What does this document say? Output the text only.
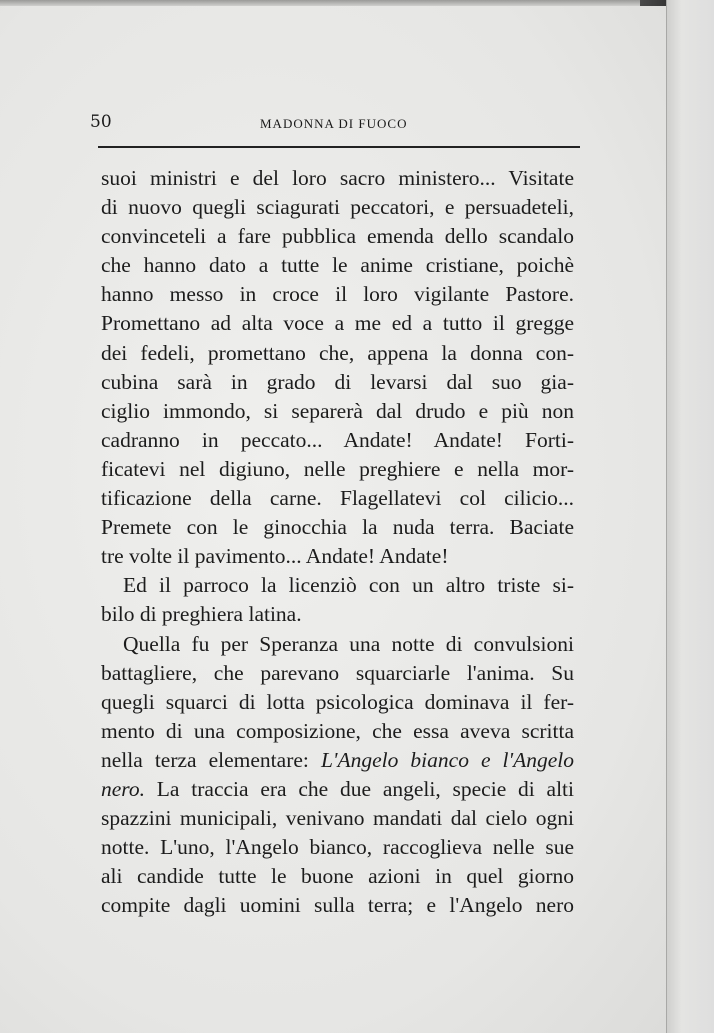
50	MADONNA DI FUOCO

suoi ministri e del loro sacro ministero... Visitate
di nuovo quegli sciagurati peccatori, e persuadeteli,
convinceteli a fare pubblica emenda dello scandalo
che hanno dato a tutte le anime cristiane, poichè
hanno messo in croce il loro vigilante Pastore.
Promettano ad alta voce a me ed a tutto il gregge
dei fedeli, promettano che, appena la donna con-
cubina sarà in grado di levarsi dal suo gia-
ciglio immondo, si separerà dal drudo e più non
cadranno in peccato... Andate! Andate! Forti-
ficatevi nel digiuno, nelle preghiere e nella mor-
tificazione della carne. Flagellatevi col cilicio...
Premete con le ginocchia la nuda terra. Baciate
tre volte il pavimento... Andate! Andate!

Ed il parroco la licenziò con un altro triste si-
bilo di preghiera latina.

Quella fu per Speranza una notte di convulsioni
battagliere, che parevano squarciarle l'anima. Su
quegli squarci di lotta psicologica dominava il fer-
mento di una composizione, che essa aveva scritta
nella terza elementare: L'Angelo bianco e l'Angelo
nero. La traccia era che due angeli, specie di alti
spazzini municipali, venivano mandati dal cielo ogni
notte. L'uno, l'Angelo bianco, raccoglieva nelle sue
ali candide tutte le buone azioni in quel giorno
compite dagli uomini sulla terra; e l'Angelo nero
